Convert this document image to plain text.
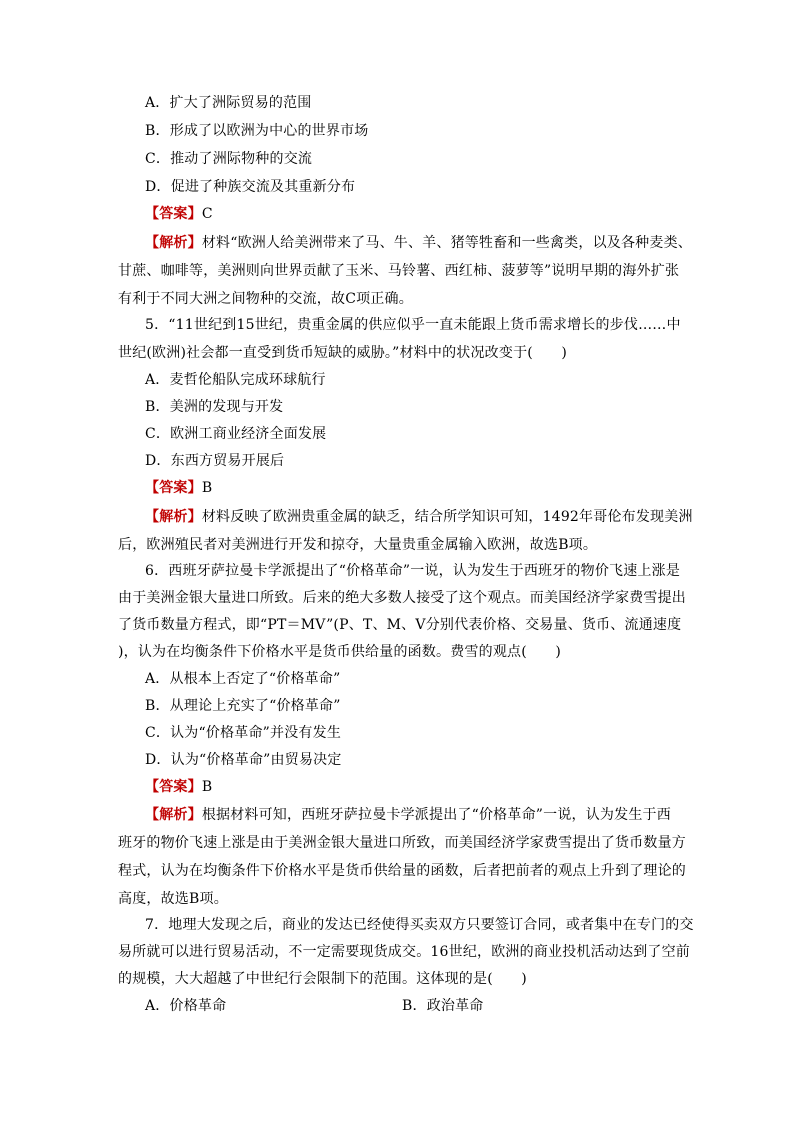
A．扩大了洲际贸易的范围
B．形成了以欧洲为中心的世界市场
C．推动了洲际物种的交流
D．促进了种族交流及其重新分布
【答案】C
【解析】材料“欧洲人给美洲带来了马、牛、羊、猪等牲畜和一些禽类，以及各种麦类、
甘蔗、咖啡等，美洲则向世界贡献了玉米、马铃薯、西红柿、菠萝等”说明早期的海外扩张
有利于不同大洲之间物种的交流，故C项正确。
5．“11世纪到15世纪，贵重金属的供应似乎一直未能跟上货币需求增长的步伐……中
世纪(欧洲)社会都一直受到货币短缺的威胁。”材料中的状况改变于(　　)
A．麦哲伦船队完成环球航行
B．美洲的发现与开发
C．欧洲工商业经济全面发展
D．东西方贸易开展后
【答案】B
【解析】材料反映了欧洲贵重金属的缺乏，结合所学知识可知，1492年哥伦布发现美洲
后，欧洲殖民者对美洲进行开发和掠夺，大量贵重金属输入欧洲，故选B项。
6．西班牙萨拉曼卡学派提出了“价格革命”一说，认为发生于西班牙的物价飞速上涨是
由于美洲金银大量进口所致。后来的绝大多数人接受了这个观点。而美国经济学家费雪提出
了货币数量方程式，即“PT＝MV”(P、T、M、V分别代表价格、交易量、货币、流通速度
)，认为在均衡条件下价格水平是货币供给量的函数。费雪的观点(　　)
A．从根本上否定了“价格革命”
B．从理论上充实了“价格革命”
C．认为“价格革命”并没有发生
D．认为“价格革命”由贸易决定
【答案】B
【解析】根据材料可知，西班牙萨拉曼卡学派提出了“价格革命”一说，认为发生于西
班牙的物价飞速上涨是由于美洲金银大量进口所致，而美国经济学家费雪提出了货币数量方
程式，认为在均衡条件下价格水平是货币供给量的函数，后者把前者的观点上升到了理论的
高度，故选B项。
7．地理大发现之后，商业的发达已经使得买卖双方只要签订合同，或者集中在专门的交
易所就可以进行贸易活动，不一定需要现货成交。16世纪，欧洲的商业投机活动达到了空前
的规模，大大超越了中世纪行会限制下的范围。这体现的是(　　)
A．价格革命	B．政治革命
